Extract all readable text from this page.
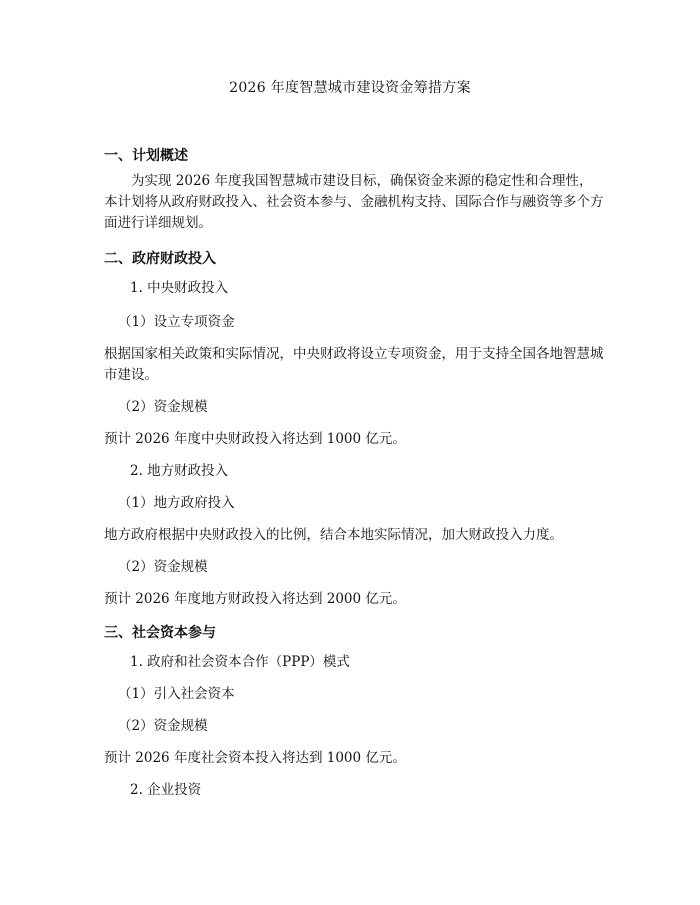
2026 年度智慧城市建设资金筹措方案
一、计划概述
为实现 2026 年度我国智慧城市建设目标，确保资金来源的稳定性和合理性，本计划将从政府财政投入、社会资本参与、金融机构支持、国际合作与融资等多个方面进行详细规划。
二、政府财政投入
1. 中央财政投入
（1）设立专项资金
根据国家相关政策和实际情况，中央财政将设立专项资金，用于支持全国各地智慧城市建设。
（2）资金规模
预计 2026 年度中央财政投入将达到 1000 亿元。
2. 地方财政投入
（1）地方政府投入
地方政府根据中央财政投入的比例，结合本地实际情况，加大财政投入力度。
（2）资金规模
预计 2026 年度地方财政投入将达到 2000 亿元。
三、社会资本参与
1. 政府和社会资本合作（PPP）模式
（1）引入社会资本
（2）资金规模
预计 2026 年度社会资本投入将达到 1000 亿元。
2. 企业投资
